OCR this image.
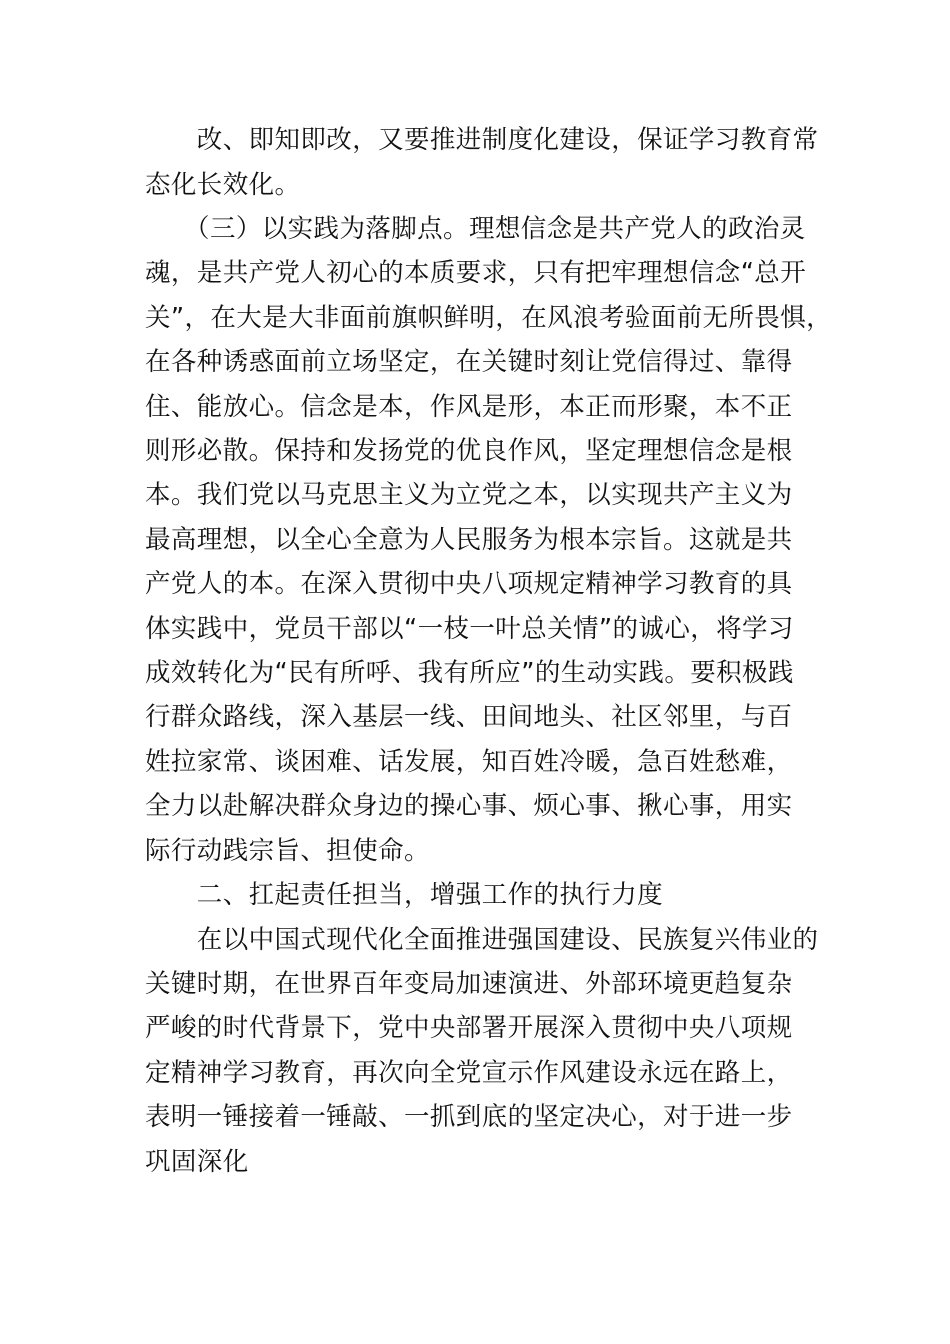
　　改、即知即改，又要推进制度化建设，保证学习教育常
态化长效化。
　　（三）以实践为落脚点。理想信念是共产党人的政治灵
魂，是共产党人初心的本质要求，只有把牢理想信念“总开
关”，在大是大非面前旗帜鲜明，在风浪考验面前无所畏惧，
在各种诱惑面前立场坚定，在关键时刻让党信得过、靠得
住、能放心。信念是本，作风是形，本正而形聚，本不正
则形必散。保持和发扬党的优良作风，坚定理想信念是根
本。我们党以马克思主义为立党之本，以实现共产主义为
最高理想，以全心全意为人民服务为根本宗旨。这就是共
产党人的本。在深入贯彻中央八项规定精神学习教育的具
体实践中，党员干部以“一枝一叶总关情”的诚心，将学习
成效转化为“民有所呼、我有所应”的生动实践。要积极践
行群众路线，深入基层一线、田间地头、社区邻里，与百
姓拉家常、谈困难、话发展，知百姓冷暖，急百姓愁难，
全力以赴解决群众身边的操心事、烦心事、揪心事，用实
际行动践宗旨、担使命。
　　二、扛起责任担当，增强工作的执行力度
　　在以中国式现代化全面推进强国建设、民族复兴伟业的
关键时期，在世界百年变局加速演进、外部环境更趋复杂
严峻的时代背景下，党中央部署开展深入贯彻中央八项规
定精神学习教育，再次向全党宣示作风建设永远在路上，
表明一锤接着一锤敲、一抓到底的坚定决心，对于进一步
巩固深化
